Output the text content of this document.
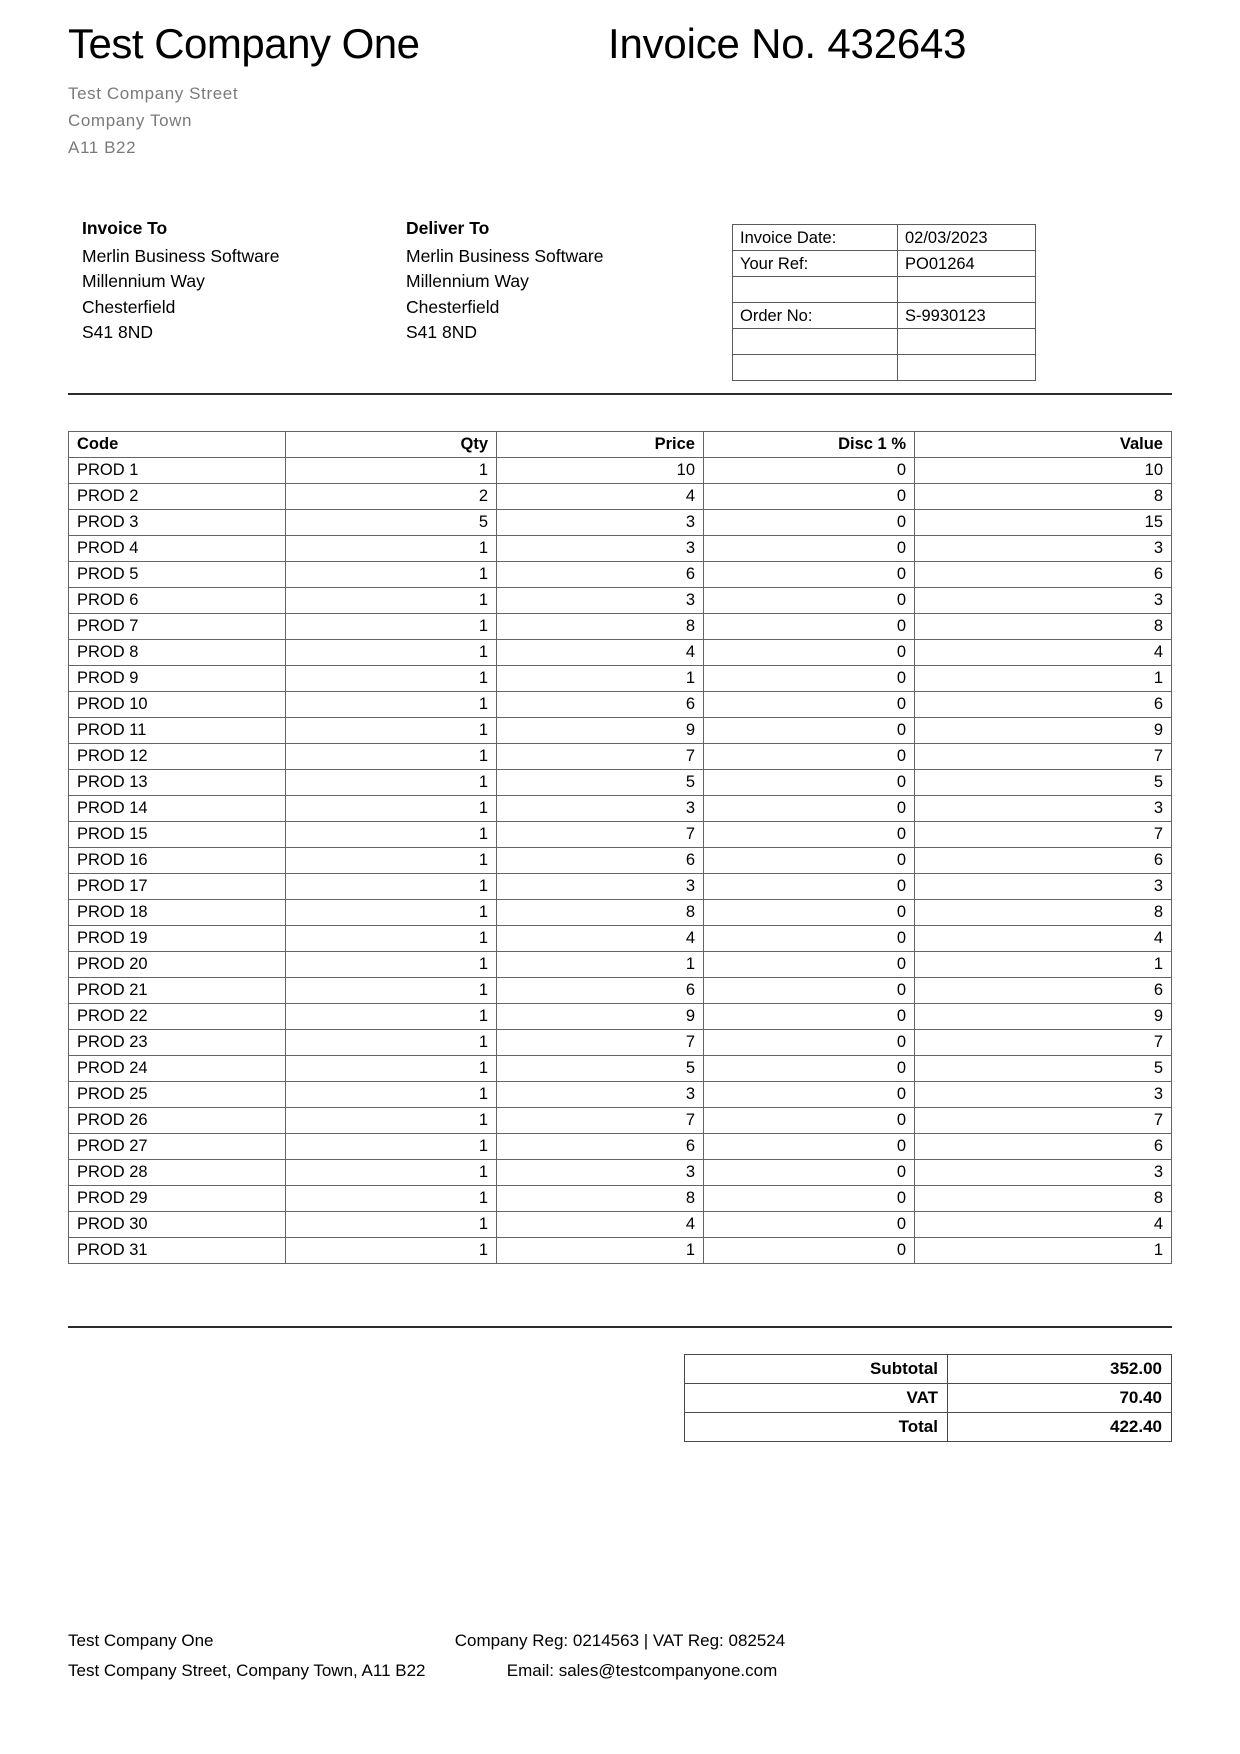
Test Company One	Invoice No. 432643
Test Company Street
Company Town
A11 B22
Invoice To
Merlin Business Software
Millennium Way
Chesterfield
S41 8ND
Deliver To
Merlin Business Software
Millennium Way
Chesterfield
S41 8ND
Invoice Date:	02/03/2023
Your Ref:	PO01264

Order No:	S-9930123

Code	Qty	Price	Disc 1 %	Value
PROD 1	1	10	0	10
PROD 2	2	4	0	8
PROD 3	5	3	0	15
PROD 4	1	3	0	3
PROD 5	1	6	0	6
PROD 6	1	3	0	3
PROD 7	1	8	0	8
PROD 8	1	4	0	4
PROD 9	1	1	0	1
PROD 10	1	6	0	6
PROD 11	1	9	0	9
PROD 12	1	7	0	7
PROD 13	1	5	0	5
PROD 14	1	3	0	3
PROD 15	1	7	0	7
PROD 16	1	6	0	6
PROD 17	1	3	0	3
PROD 18	1	8	0	8
PROD 19	1	4	0	4
PROD 20	1	1	0	1
PROD 21	1	6	0	6
PROD 22	1	9	0	9
PROD 23	1	7	0	7
PROD 24	1	5	0	5
PROD 25	1	3	0	3
PROD 26	1	7	0	7
PROD 27	1	6	0	6
PROD 28	1	3	0	3
PROD 29	1	8	0	8
PROD 30	1	4	0	4
PROD 31	1	1	0	1
Subtotal	352.00
VAT	70.40
Total	422.40
Test Company One	Company Reg: 0214563 | VAT Reg: 082524
Test Company Street, Company Town, A11 B22	Email: sales@testcompanyone.com
